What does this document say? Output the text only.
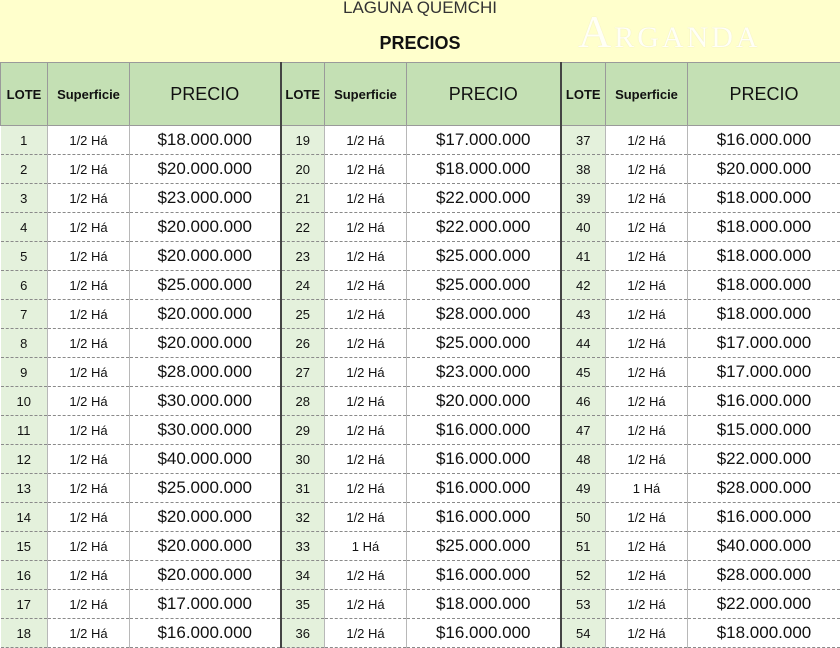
LAGUNA QUEMCHI
PRECIOS	ARGANDA
LOTE	Superficie	PRECIO	LOTE	Superficie	PRECIO	LOTE	Superficie	PRECIO
1	1/2 Há	$18.000.000	19	1/2 Há	$17.000.000	37	1/2 Há	$16.000.000
2	1/2 Há	$20.000.000	20	1/2 Há	$18.000.000	38	1/2 Há	$20.000.000
3	1/2 Há	$23.000.000	21	1/2 Há	$22.000.000	39	1/2 Há	$18.000.000
4	1/2 Há	$20.000.000	22	1/2 Há	$22.000.000	40	1/2 Há	$18.000.000
5	1/2 Há	$20.000.000	23	1/2 Há	$25.000.000	41	1/2 Há	$18.000.000
6	1/2 Há	$25.000.000	24	1/2 Há	$25.000.000	42	1/2 Há	$18.000.000
7	1/2 Há	$20.000.000	25	1/2 Há	$28.000.000	43	1/2 Há	$18.000.000
8	1/2 Há	$20.000.000	26	1/2 Há	$25.000.000	44	1/2 Há	$17.000.000
9	1/2 Há	$28.000.000	27	1/2 Há	$23.000.000	45	1/2 Há	$17.000.000
10	1/2 Há	$30.000.000	28	1/2 Há	$20.000.000	46	1/2 Há	$16.000.000
11	1/2 Há	$30.000.000	29	1/2 Há	$16.000.000	47	1/2 Há	$15.000.000
12	1/2 Há	$40.000.000	30	1/2 Há	$16.000.000	48	1/2 Há	$22.000.000
13	1/2 Há	$25.000.000	31	1/2 Há	$16.000.000	49	1 Há	$28.000.000
14	1/2 Há	$20.000.000	32	1/2 Há	$16.000.000	50	1/2 Há	$16.000.000
15	1/2 Há	$20.000.000	33	1 Há	$25.000.000	51	1/2 Há	$40.000.000
16	1/2 Há	$20.000.000	34	1/2 Há	$16.000.000	52	1/2 Há	$28.000.000
17	1/2 Há	$17.000.000	35	1/2 Há	$18.000.000	53	1/2 Há	$22.000.000
18	1/2 Há	$16.000.000	36	1/2 Há	$16.000.000	54	1/2 Há	$18.000.000
